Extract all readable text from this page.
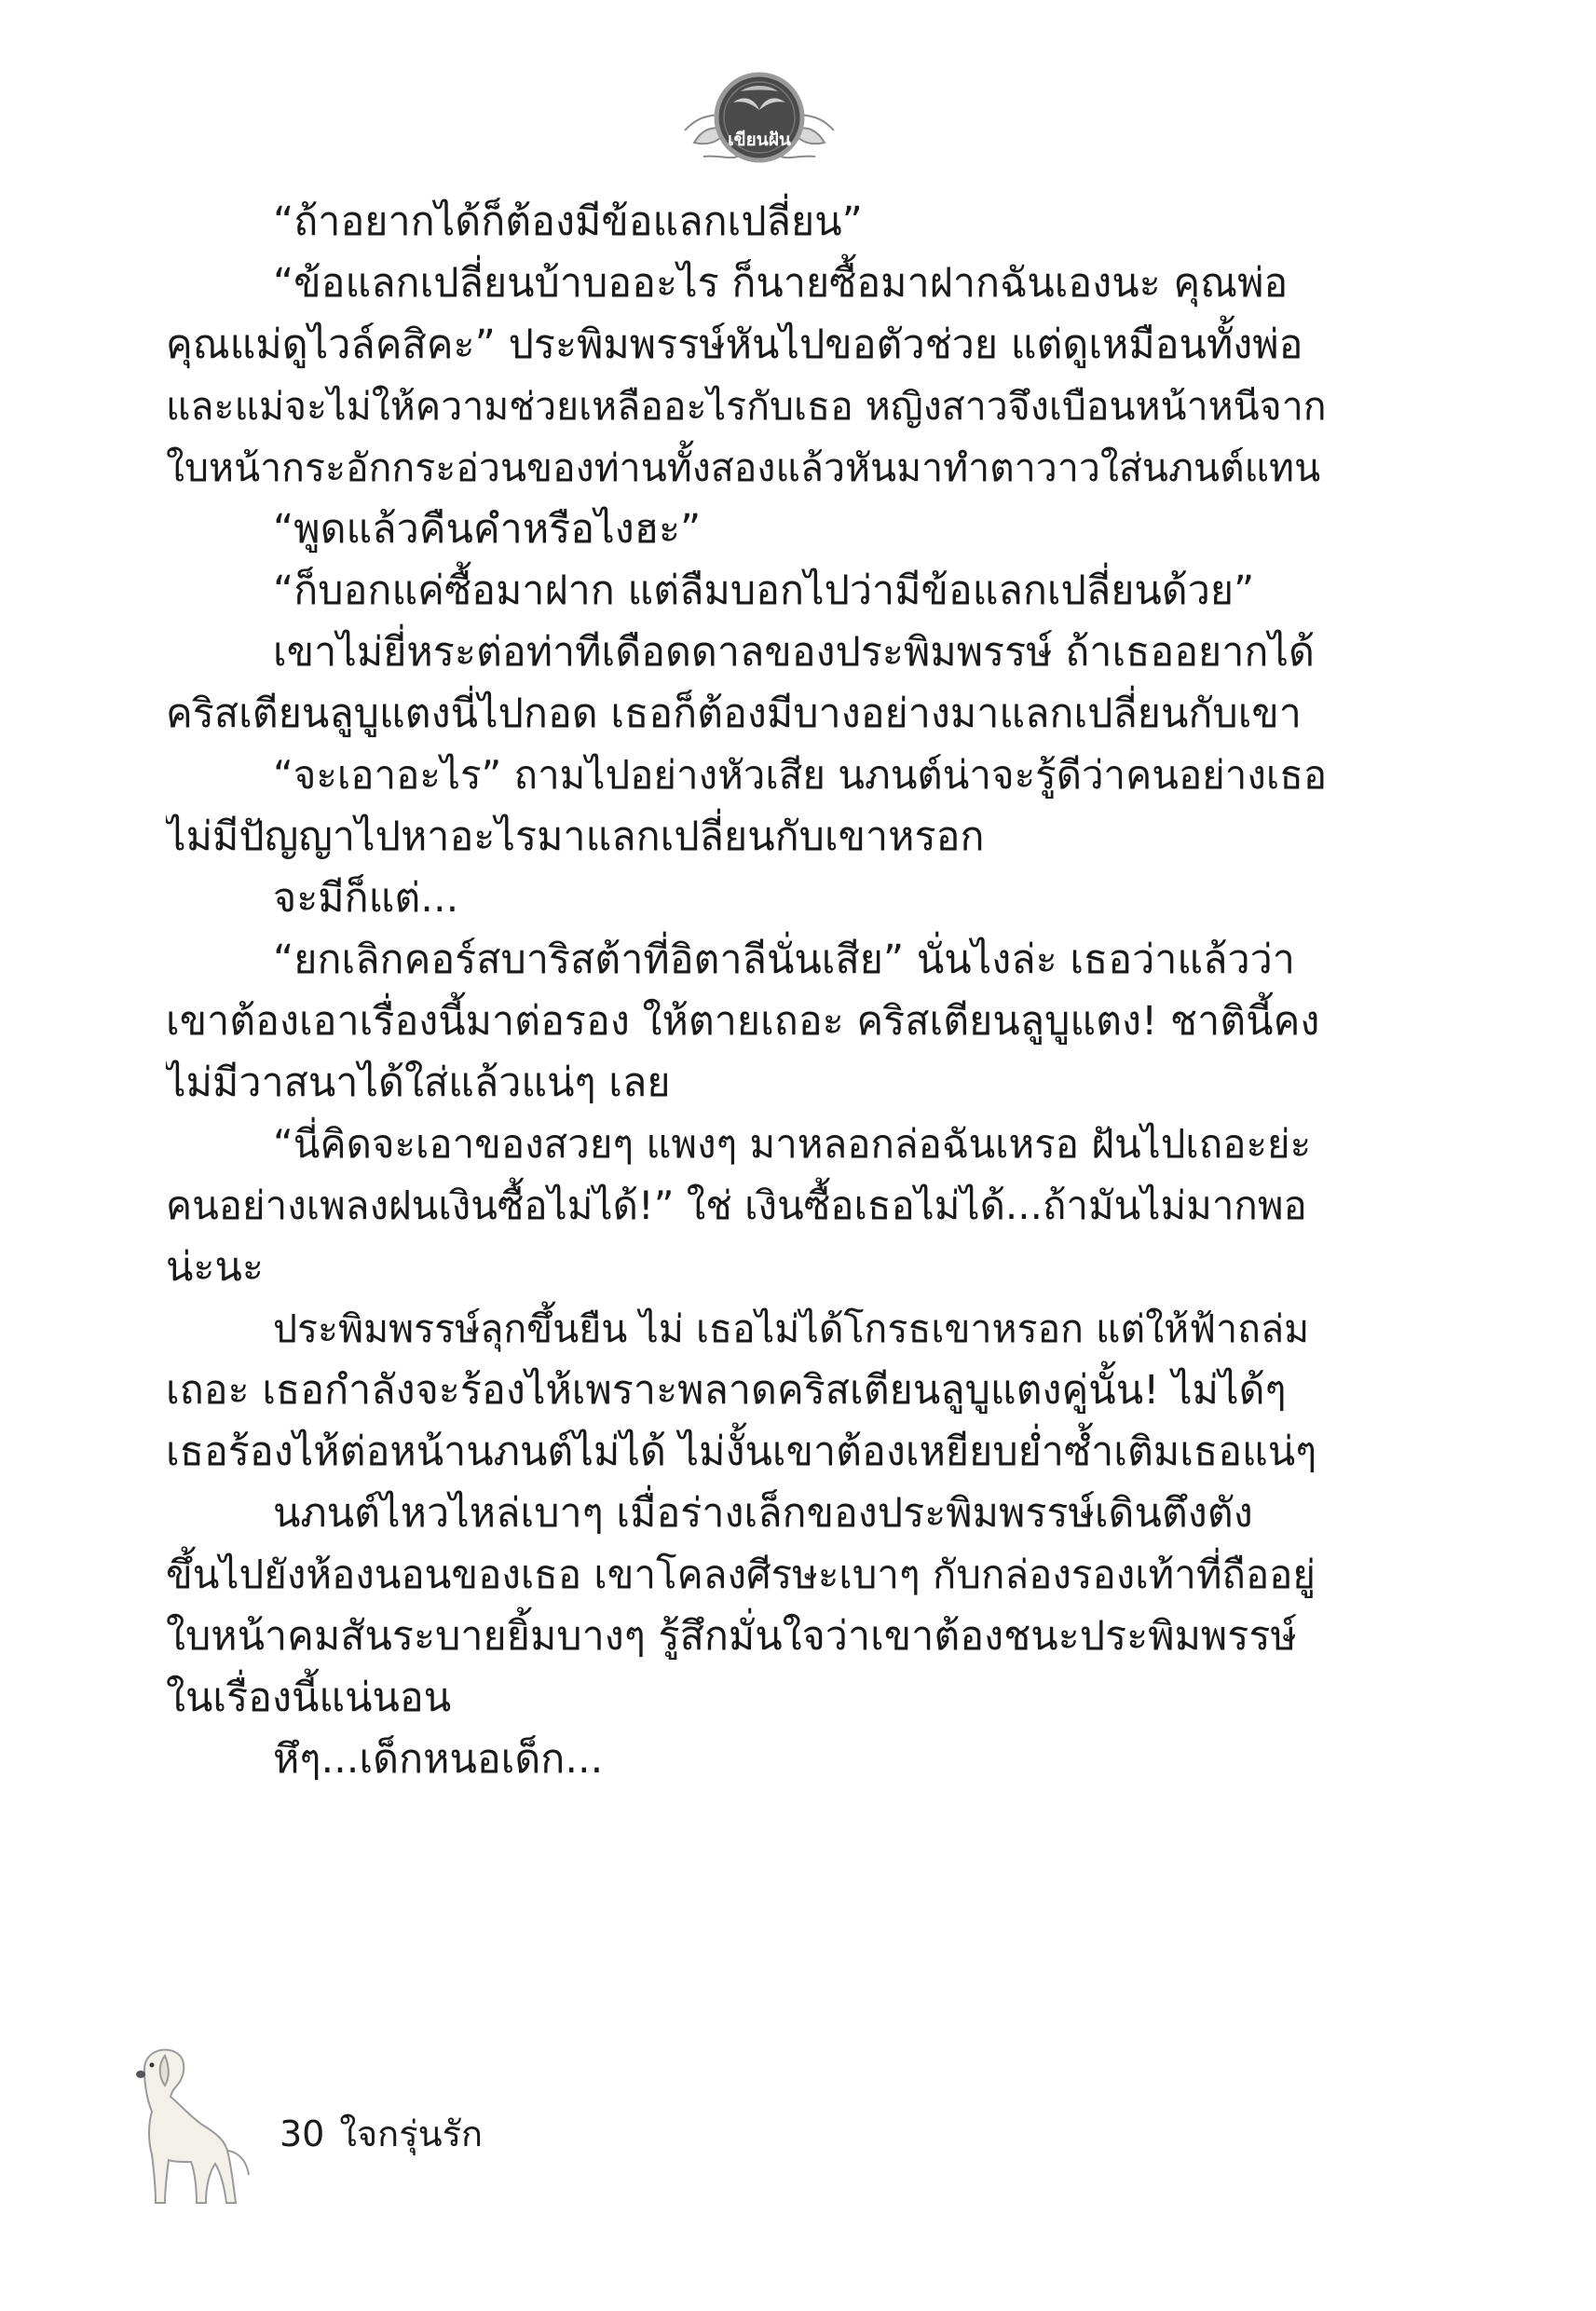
เขียนฝัน
“ถ้าอยากได้ก็ต้องมีข้อแลกเปลี่ยน”
“ข้อแลกเปลี่ยนบ้าบออะไร ก็นายซื้อมาฝากฉันเองนะ คุณพ่อ
คุณแม่ดูไวล์คสิคะ” ประพิมพรรษ์หันไปขอตัวช่วย แต่ดูเหมือนทั้งพ่อ
และแม่จะไม่ให้ความช่วยเหลืออะไรกับเธอ หญิงสาวจึงเบือนหน้าหนีจาก
ใบหน้ากระอักกระอ่วนของท่านทั้งสองแล้วหันมาทำตาวาวใส่นภนต์แทน
“พูดแล้วคืนคำหรือไงฮะ”
“ก็บอกแค่ซื้อมาฝาก แต่ลืมบอกไปว่ามีข้อแลกเปลี่ยนด้วย”
เขาไม่ยี่หระต่อท่าทีเดือดดาลของประพิมพรรษ์ ถ้าเธออยากได้
คริสเตียนลูบูแตงนี่ไปกอด เธอก็ต้องมีบางอย่างมาแลกเปลี่ยนกับเขา
“จะเอาอะไร” ถามไปอย่างหัวเสีย นภนต์น่าจะรู้ดีว่าคนอย่างเธอ
ไม่มีปัญญาไปหาอะไรมาแลกเปลี่ยนกับเขาหรอก
จะมีก็แต่...
“ยกเลิกคอร์สบาริสต้าที่อิตาลีนั่นเสีย” นั่นไงล่ะ เธอว่าแล้วว่า
เขาต้องเอาเรื่องนี้มาต่อรอง ให้ตายเถอะ คริสเตียนลูบูแตง! ชาตินี้คง
ไม่มีวาสนาได้ใส่แล้วแน่ๆ เลย
“นี่คิดจะเอาของสวยๆ แพงๆ มาหลอกล่อฉันเหรอ ฝันไปเถอะย่ะ
คนอย่างเพลงฝนเงินซื้อไม่ได้!” ใช่ เงินซื้อเธอไม่ได้...ถ้ามันไม่มากพอ
น่ะนะ
ประพิมพรรษ์ลุกขึ้นยืน ไม่ เธอไม่ได้โกรธเขาหรอก แต่ให้ฟ้าถล่ม
เถอะ เธอกำลังจะร้องไห้เพราะพลาดคริสเตียนลูบูแตงคู่นั้น! ไม่ได้ๆ
เธอร้องไห้ต่อหน้านภนต์ไม่ได้ ไม่งั้นเขาต้องเหยียบย่ำซ้ำเติมเธอแน่ๆ
นภนต์ไหวไหล่เบาๆ เมื่อร่างเล็กของประพิมพรรษ์เดินตึงตัง
ขึ้นไปยังห้องนอนของเธอ เขาโคลงศีรษะเบาๆ กับกล่องรองเท้าที่ถืออยู่
ใบหน้าคมสันระบายยิ้มบางๆ รู้สึกมั่นใจว่าเขาต้องชนะประพิมพรรษ์
ในเรื่องนี้แน่นอน
หึๆ...เด็กหนอเด็ก...
30 ใจกรุ่นรัก
